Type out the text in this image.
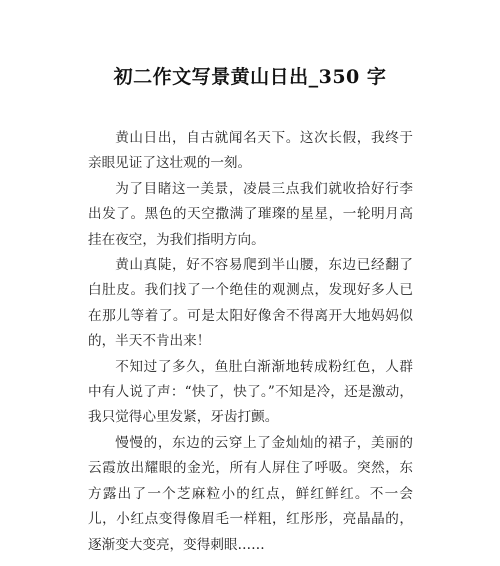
初二作文写景黄山日出_350 字

黄山日出，自古就闻名天下。这次长假，我终于亲眼见证了这壮观的一刻。

为了目睹这一美景，凌晨三点我们就收拾好行李出发了。黑色的天空撒满了璀璨的星星，一轮明月高挂在夜空，为我们指明方向。

黄山真陡，好不容易爬到半山腰，东边已经翻了白肚皮。我们找了一个绝佳的观测点，发现好多人已在那儿等着了。可是太阳好像舍不得离开大地妈妈似的，半天不肯出来！

不知过了多久，鱼肚白渐渐地转成粉红色，人群中有人说了声：“快了，快了。”不知是冷，还是激动，我只觉得心里发紧，牙齿打颤。

慢慢的，东边的云穿上了金灿灿的裙子，美丽的云霞放出耀眼的金光，所有人屏住了呼吸。突然，东方露出了一个芝麻粒小的红点，鲜红鲜红。不一会儿，小红点变得像眉毛一样粗，红彤彤，亮晶晶的，逐渐变大变亮，变得刺眼……
